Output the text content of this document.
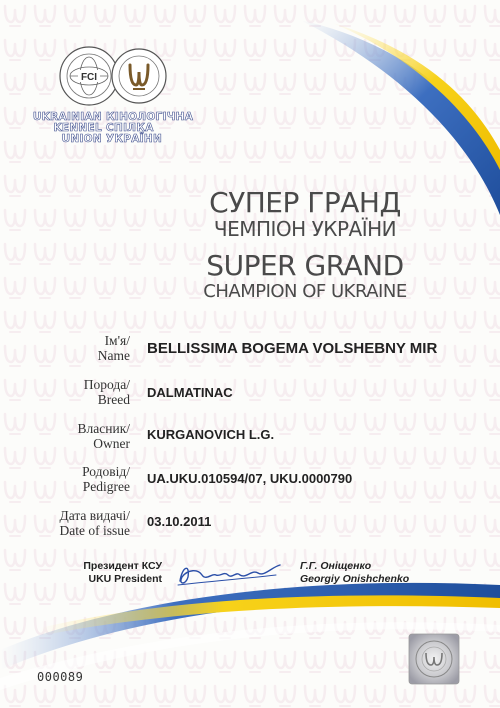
FCI
UKRAINIAN
KENNEL
UNION
КІНОЛОГІЧНА
СПІЛКА
УКРАЇНИ
СУПЕР ГРАНД
ЧЕМПІОН УКРАЇНИ
SUPER GRAND
CHAMPION OF UKRAINE
Ім'я/
Name BELLISSIMA BOGEMA VOLSHEBNY MIR
Порода/
Breed DALMATINAC
Власник/
Owner
KURGANOVICH L.G.
Родовід/
Pedigree
UA.UKU.010594/07, UKU.0000790
Дата видачі/
Date of issue
03.10.2011
Президент КСУ
UKU President
Г.Г. Оніщенко
Georgiy Onishchenko
000089
